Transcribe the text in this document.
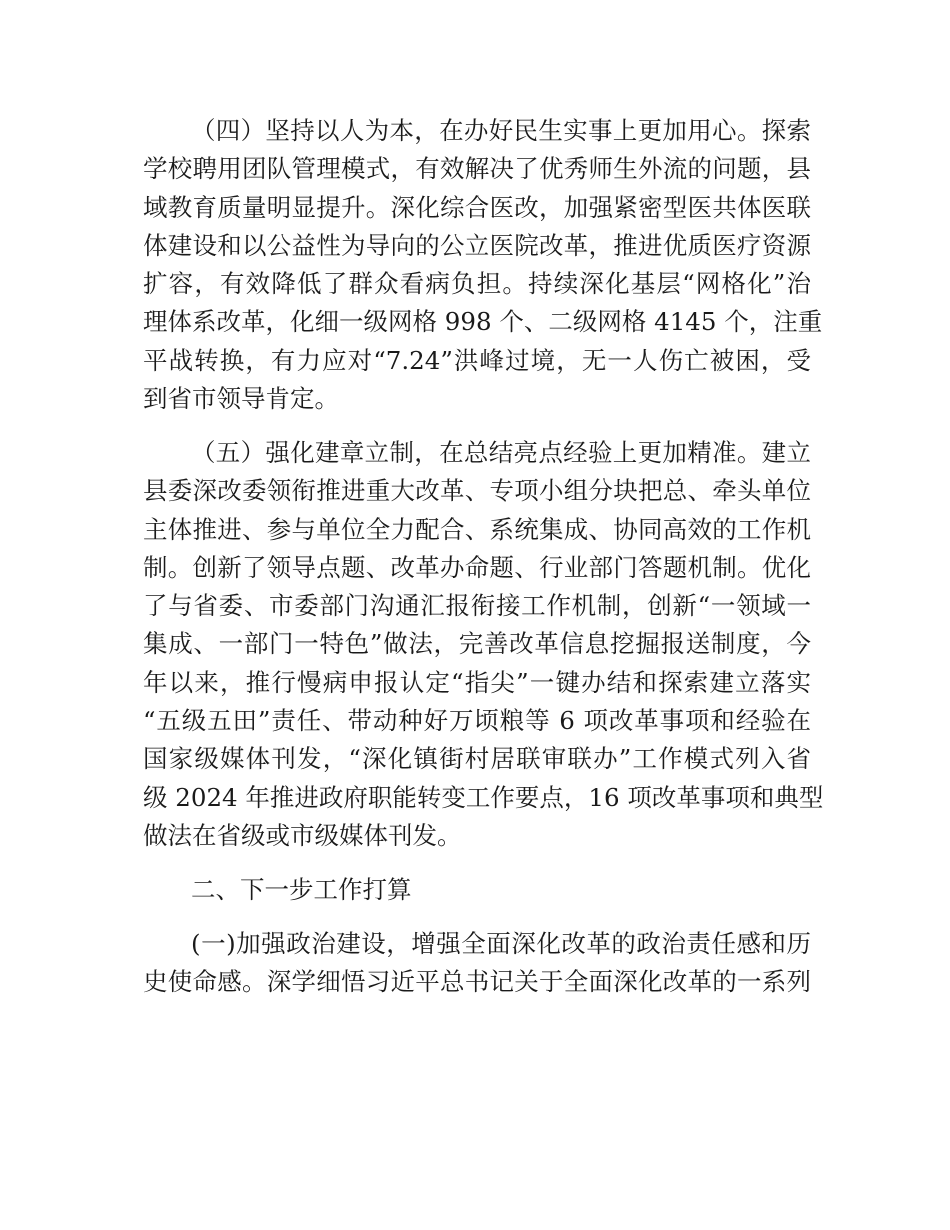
（四）坚持以人为本，在办好民生实事上更加用心。探索
学校聘用团队管理模式，有效解决了优秀师生外流的问题，县
域教育质量明显提升。深化综合医改，加强紧密型医共体医联
体建设和以公益性为导向的公立医院改革，推进优质医疗资源
扩容，有效降低了群众看病负担。持续深化基层“网格化”治
理体系改革，化细一级网格 998 个、二级网格 4145 个，注重
平战转换，有力应对“7.24”洪峰过境，无一人伤亡被困，受
到省市领导肯定。
（五）强化建章立制，在总结亮点经验上更加精准。建立
县委深改委领衔推进重大改革、专项小组分块把总、牵头单位
主体推进、参与单位全力配合、系统集成、协同高效的工作机
制。创新了领导点题、改革办命题、行业部门答题机制。优化
了与省委、市委部门沟通汇报衔接工作机制，创新“一领域一
集成、一部门一特色”做法，完善改革信息挖掘报送制度，今
年以来，推行慢病申报认定“指尖”一键办结和探索建立落实
“五级五田”责任、带动种好万顷粮等 6 项改革事项和经验在
国家级媒体刊发，“深化镇街村居联审联办”工作模式列入省
级 2024 年推进政府职能转变工作要点，16 项改革事项和典型
做法在省级或市级媒体刊发。
二、下一步工作打算
(一)加强政治建设，增强全面深化改革的政治责任感和历
史使命感。深学细悟习近平总书记关于全面深化改革的一系列
